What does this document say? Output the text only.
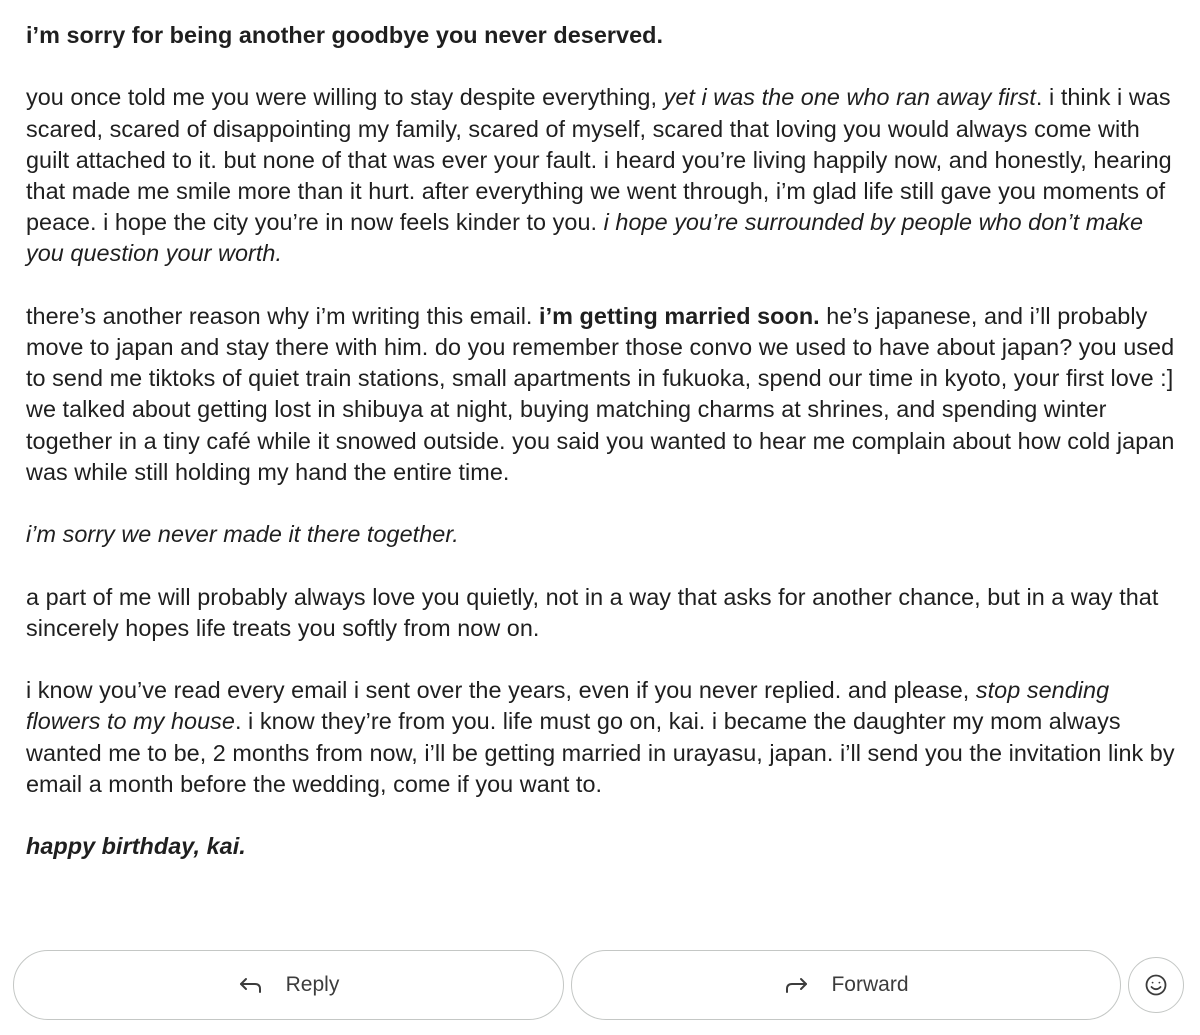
i’m sorry for being another goodbye you never deserved.

you once told me you were willing to stay despite everything, yet i was the one who ran away first. i think i was scared, scared of disappointing my family, scared of myself, scared that loving you would always come with guilt attached to it. but none of that was ever your fault. i heard you’re living happily now, and honestly, hearing that made me smile more than it hurt. after everything we went through, i’m glad life still gave you moments of peace. i hope the city you’re in now feels kinder to you. i hope you’re surrounded by people who don’t make you question your worth.

there’s another reason why i’m writing this email. i’m getting married soon. he’s japanese, and i’ll probably move to japan and stay there with him. do you remember those convo we used to have about japan? you used to send me tiktoks of quiet train stations, small apartments in fukuoka, spend our time in kyoto, your first love :] we talked about getting lost in shibuya at night, buying matching charms at shrines, and spending winter together in a tiny café while it snowed outside. you said you wanted to hear me complain about how cold japan was while still holding my hand the entire time.

i’m sorry we never made it there together.

a part of me will probably always love you quietly, not in a way that asks for another chance, but in a way that sincerely hopes life treats you softly from now on.

i know you’ve read every email i sent over the years, even if you never replied. and please, stop sending flowers to my house. i know they’re from you. life must go on, kai. i became the daughter my mom always wanted me to be, 2 months from now, i’ll be getting married in urayasu, japan. i’ll send you the invitation link by email a month before the wedding, come if you want to.

happy birthday, kai.

Reply	Forward
